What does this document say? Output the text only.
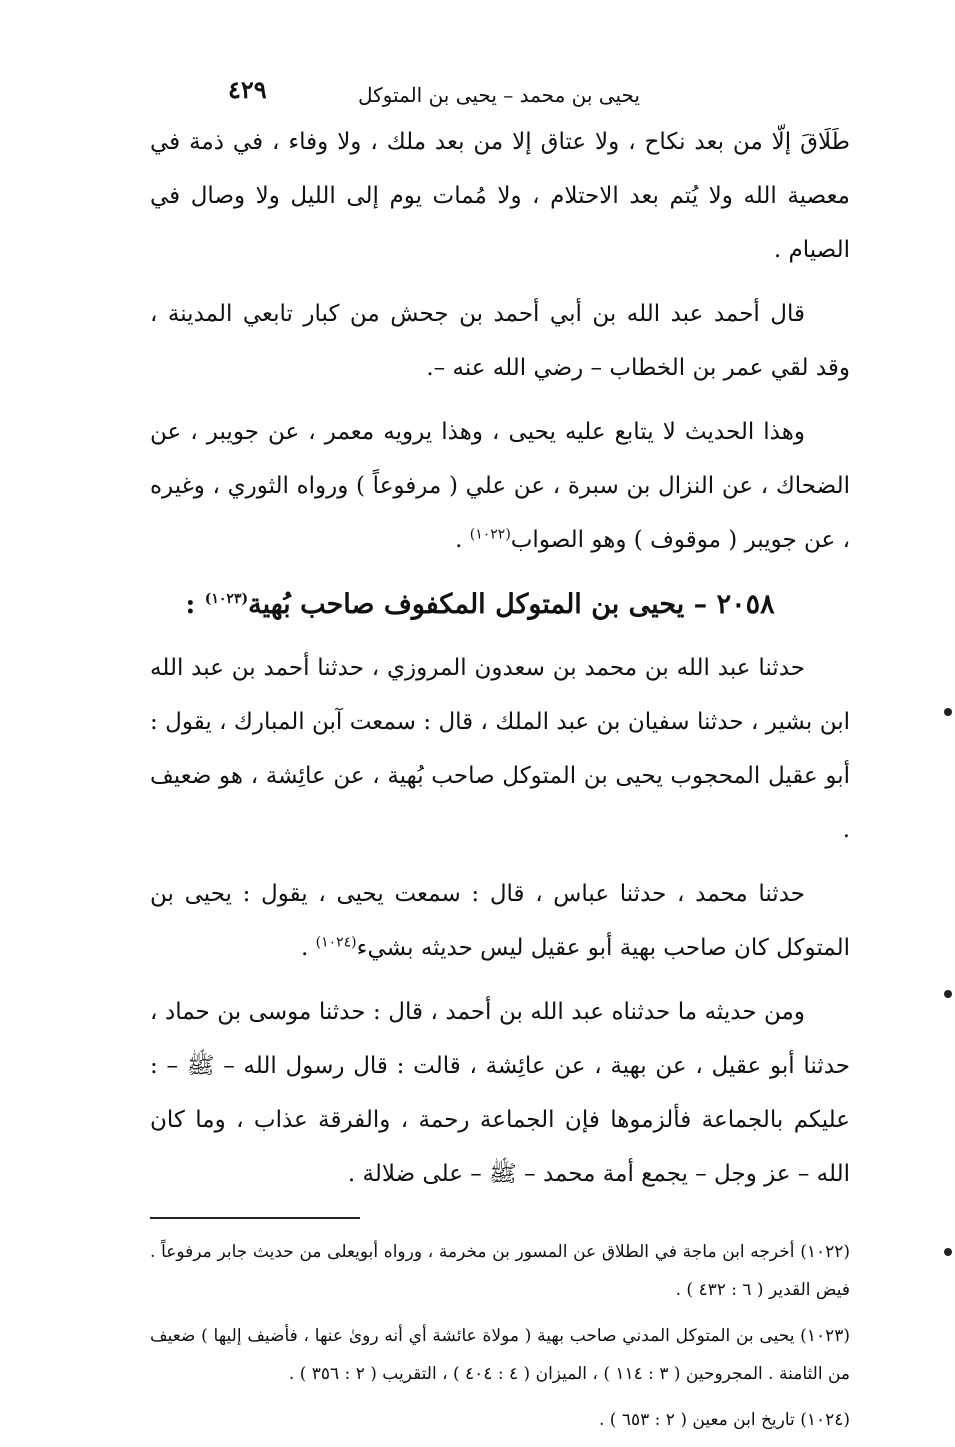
يحيى بن محمد – يحيى بن المتوكل
٤٢٩

طَلَاقَ إلّا من بعد نكاح ، ولا عتاق إلا من بعد ملك ، ولا وفاء ، في ذمة في معصية الله ولا يُتم بعد الاحتلام ، ولا مُمات يوم إلى الليل ولا وصال في الصيام .

قال أحمد عبد الله بن أبي أحمد بن جحش من كبار تابعي المدينة ، وقد لقي عمر بن الخطاب – رضي الله عنه –.

وهذا الحديث لا يتابع عليه يحيى ، وهذا يرويه معمر ، عن جويبر ، عن الضحاك ، عن النزال بن سبرة ، عن علي ( مرفوعاً ) ورواه الثوري ، وغيره ، عن جويبر ( موقوف ) وهو الصواب$^{(١٠٢٢)}$ .

٢٠٥٨ – يحيى بن المتوكل المكفوف صاحب بُهية$^{(١٠٢٣)}$ :

حدثنا عبد الله بن محمد بن سعدون المروزي ، حدثنا أحمد بن عبد الله ابن بشير ، حدثنا سفيان بن عبد الملك ، قال : سمعت آبن المبارك ، يقول : أبو عقيل المحجوب يحيى بن المتوكل صاحب بُهية ، عن عائِشة ، هو ضعيف .

حدثنا محمد ، حدثنا عباس ، قال : سمعت يحيى ، يقول : يحيى بن المتوكل كان صاحب بهية أبو عقيل ليس حديثه بشيء$^{(١٠٢٤)}$ .

ومن حديثه ما حدثناه عبد الله بن أحمد ، قال : حدثنا موسى بن حماد ، حدثنا أبو عقيل ، عن بهية ، عن عائِشة ، قالت : قال رسول الله – ﷺ – : عليكم بالجماعة فألزموها فإن الجماعة رحمة ، والفرقة عذاب ، وما كان الله – عز وجل – يجمع أمة محمد – ﷺ – على ضلالة .

(١٠٢٢) أخرجه ابن ماجة في الطلاق عن المسور بن مخرمة ، ورواه أبويعلى من حديث جابر مرفوعاً . فيض القدير ( ٦ : ٤٣٢ ) .

(١٠٢٣) يحيى بن المتوكل المدني صاحب بهية ( مولاة عائشة أي أنه روىٰ عنها ، فأضيف إليها ) ضعيف من الثامنة . المجروحين ( ٣ : ١١٤ ) ، الميزان ( ٤ : ٤٠٤ ) ، التقريب ( ٢ : ٣٥٦ ) .

(١٠٢٤) تاريخ ابن معين ( ٢ : ٦٥٣ ) .
